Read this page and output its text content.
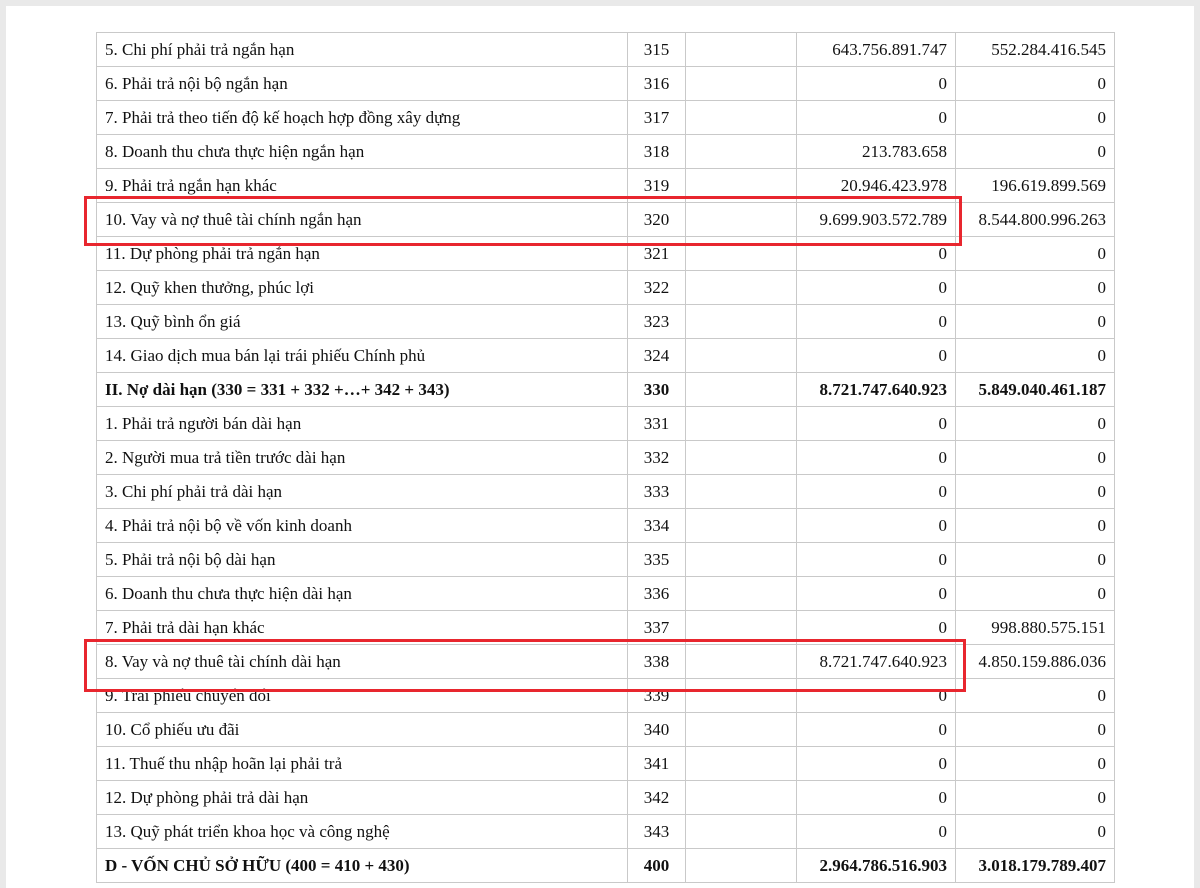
5. Chi phí phải trả ngắn hạn	315		643.756.891.747	552.284.416.545
6. Phải trả nội bộ ngắn hạn	316		0	0
7. Phải trả theo tiến độ kế hoạch hợp đồng xây dựng	317		0	0
8. Doanh thu chưa thực hiện ngắn hạn	318		213.783.658	0
9. Phải trả ngắn hạn khác	319		20.946.423.978	196.619.899.569
10. Vay và nợ thuê tài chính ngắn hạn	320		9.699.903.572.789	8.544.800.996.263
11. Dự phòng phải trả ngắn hạn	321		0	0
12. Quỹ khen thưởng, phúc lợi	322		0	0
13. Quỹ bình ổn giá	323		0	0
14. Giao dịch mua bán lại trái phiếu Chính phủ	324		0	0
II. Nợ dài hạn (330 = 331 + 332 +…+ 342 + 343)	330		8.721.747.640.923	5.849.040.461.187
1. Phải trả người bán dài hạn	331		0	0
2. Người mua trả tiền trước dài hạn	332		0	0
3. Chi phí phải trả dài hạn	333		0	0
4. Phải trả nội bộ về vốn kinh doanh	334		0	0
5. Phải trả nội bộ dài hạn	335		0	0
6. Doanh thu chưa thực hiện dài hạn	336		0	0
7. Phải trả dài hạn khác	337		0	998.880.575.151
8. Vay và nợ thuê tài chính dài hạn	338		8.721.747.640.923	4.850.159.886.036
9. Trái phiếu chuyển đổi	339		0	0
10. Cổ phiếu ưu đãi	340		0	0
11. Thuế thu nhập hoãn lại phải trả	341		0	0
12. Dự phòng phải trả dài hạn	342		0	0
13. Quỹ phát triển khoa học và công nghệ	343		0	0
D - VỐN CHỦ SỞ HỮU (400 = 410 + 430)	400		2.964.786.516.903	3.018.179.789.407
